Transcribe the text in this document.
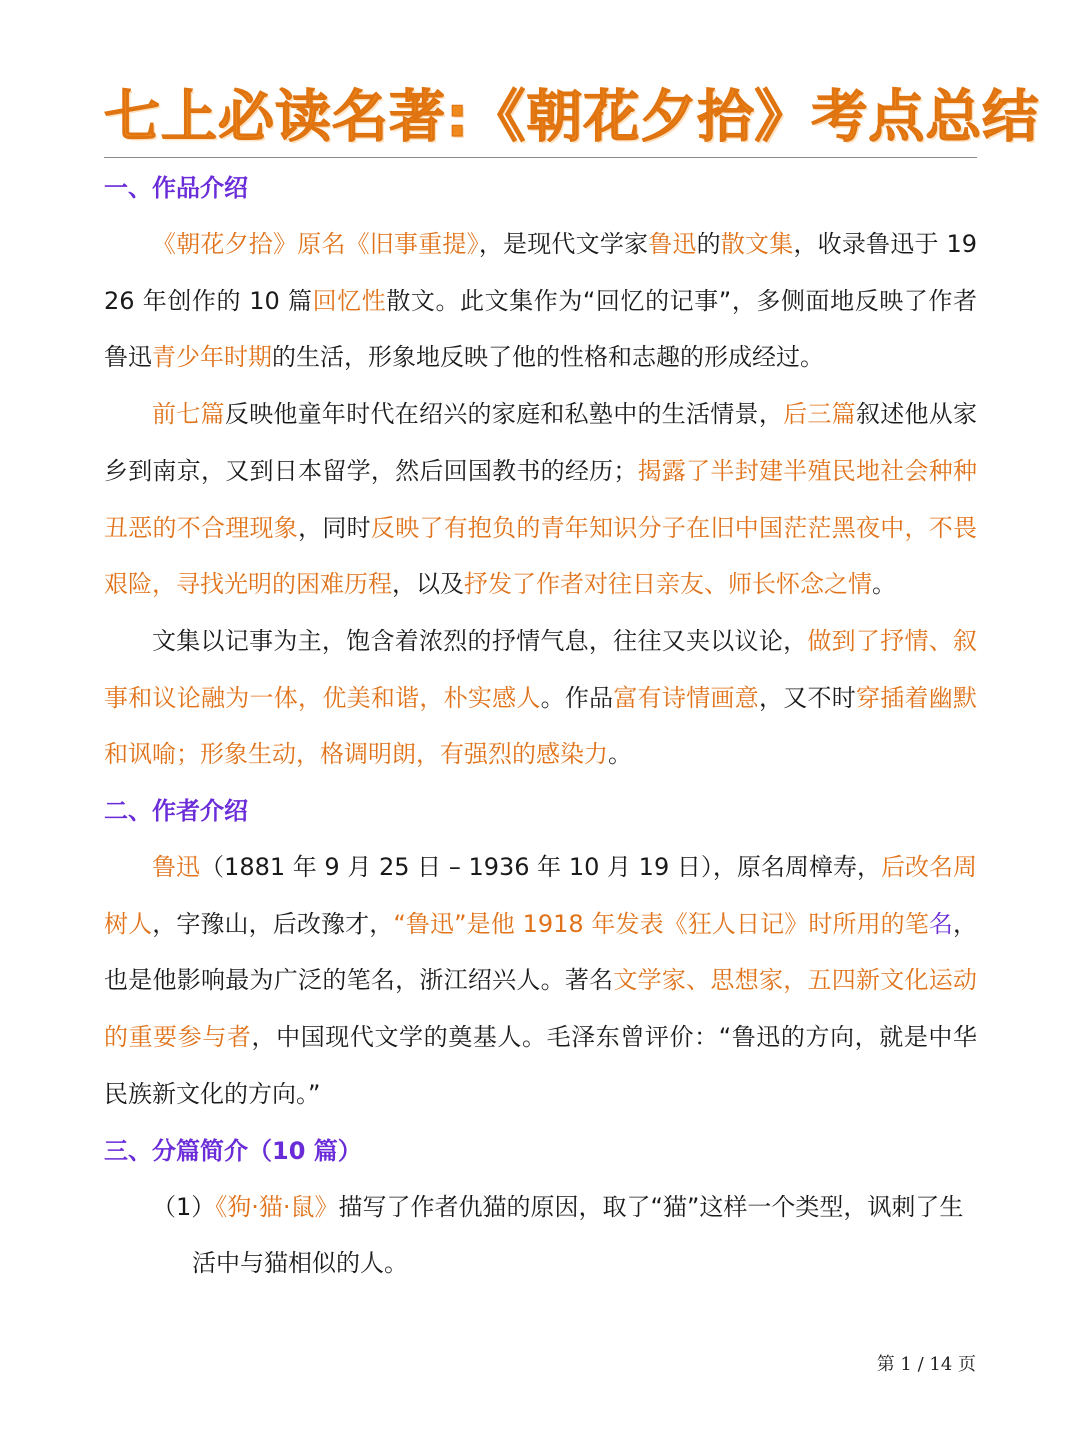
七上必读名著:《朝花夕拾》考点总结
一、作品介绍

《朝花夕拾》原名《旧事重提》，是现代文学家鲁迅的散文集，收录鲁迅于 1926 年创作的 10 篇回忆性散文。此文集作为“回忆的记事”，多侧面地反映了作者鲁迅青少年时期的生活，形象地反映了他的性格和志趣的形成经过。

前七篇反映他童年时代在绍兴的家庭和私塾中的生活情景，后三篇叙述他从家乡到南京，又到日本留学，然后回国教书的经历；揭露了半封建半殖民地社会种种丑恶的不合理现象，同时反映了有抱负的青年知识分子在旧中国茫茫黑夜中，不畏艰险，寻找光明的困难历程，以及抒发了作者对往日亲友、师长怀念之情。

文集以记事为主，饱含着浓烈的抒情气息，往往又夹以议论，做到了抒情、叙事和议论融为一体，优美和谐，朴实感人。作品富有诗情画意，又不时穿插着幽默和讽喻；形象生动，格调明朗，有强烈的感染力。

二、作者介绍

鲁迅（1881 年 9 月 25 日 – 1936 年 10 月 19 日），原名周樟寿，后改名周树人，字豫山，后改豫才，“鲁迅”是他 1918 年发表《狂人日记》时所用的笔名，也是他影响最为广泛的笔名，浙江绍兴人。著名文学家、思想家，五四新文化运动的重要参与者，中国现代文学的奠基人。毛泽东曾评价：“鲁迅的方向，就是中华民族新文化的方向。”

三、分篇简介（10 篇）

（1）《狗·猫·鼠》描写了作者仇猫的原因，取了“猫”这样一个类型，讽刺了生活中与猫相似的人。

第 1 / 14 页
